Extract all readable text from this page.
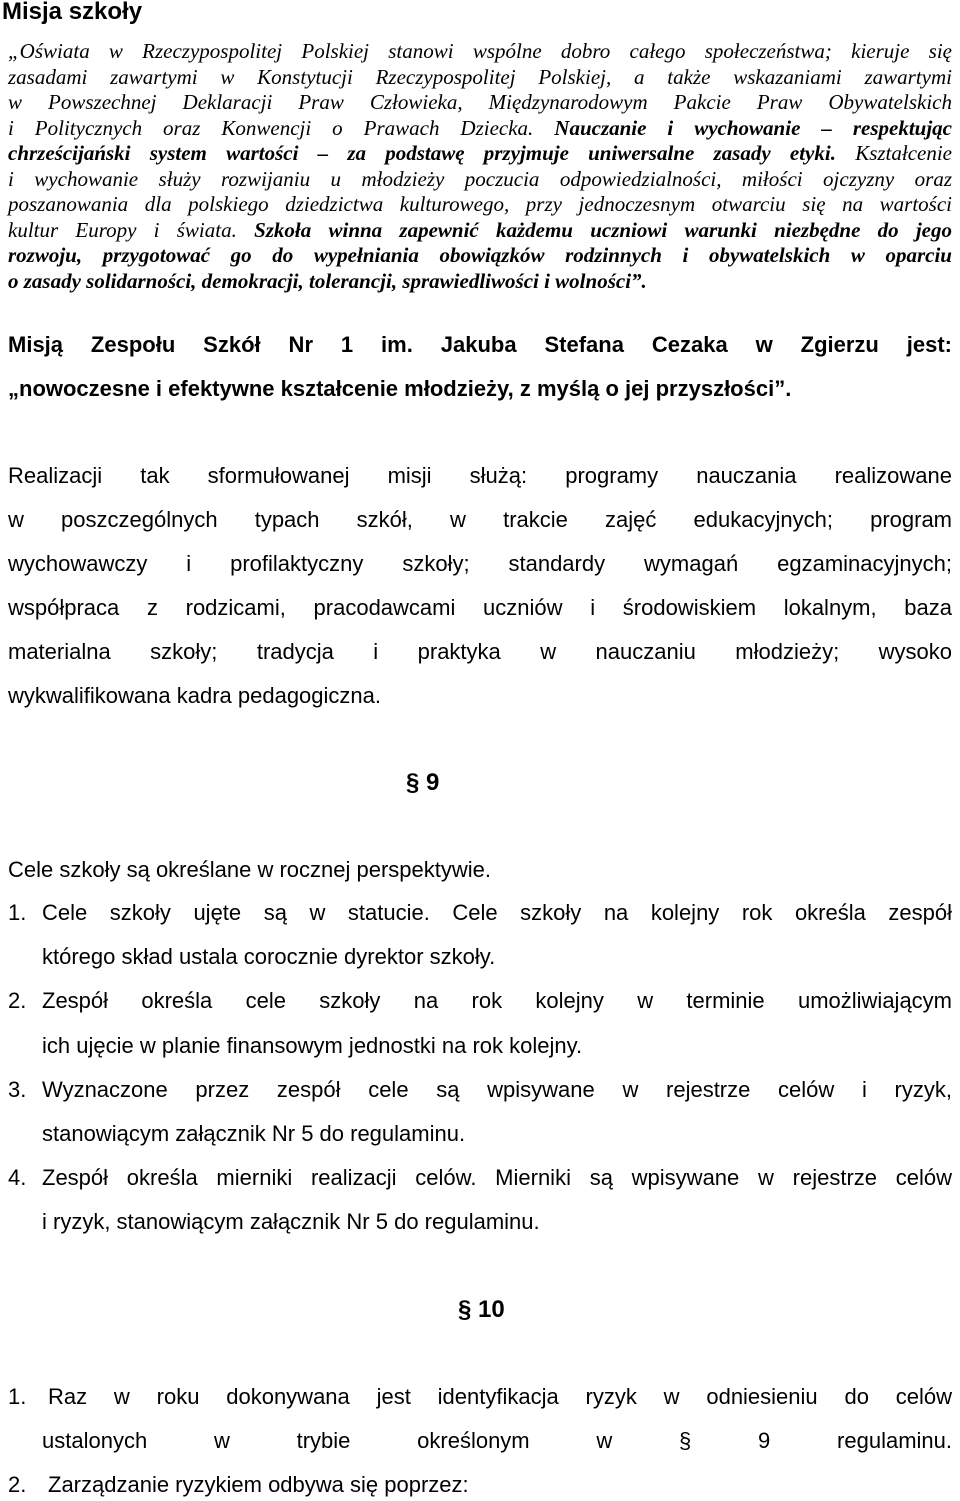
Misja szkoły
„Oświata w Rzeczypospolitej Polskiej stanowi wspólne dobro całego społeczeństwa; kieruje się
zasadami zawartymi w Konstytucji Rzeczypospolitej Polskiej, a także wskazaniami zawartymi
w Powszechnej Deklaracji Praw Człowieka, Międzynarodowym Pakcie Praw Obywatelskich
i Politycznych oraz Konwencji o Prawach Dziecka. Nauczanie i wychowanie – respektując
chrześcijański system wartości – za podstawę przyjmuje uniwersalne zasady etyki. Kształcenie
i wychowanie służy rozwijaniu u młodzieży poczucia odpowiedzialności, miłości ojczyzny oraz
poszanowania dla polskiego dziedzictwa kulturowego, przy jednoczesnym otwarciu się na wartości
kultur Europy i świata. Szkoła winna zapewnić każdemu uczniowi warunki niezbędne do jego
rozwoju, przygotować go do wypełniania obowiązków rodzinnych i obywatelskich w oparciu
o zasady solidarności, demokracji, tolerancji, sprawiedliwości i wolności”.
Misją Zespołu Szkół Nr 1 im. Jakuba Stefana Cezaka w Zgierzu jest:
„nowoczesne i efektywne kształcenie młodzieży, z myślą o jej przyszłości”.
Realizacji tak sformułowanej misji służą: programy nauczania realizowane
w poszczególnych typach szkół, w trakcie zajęć edukacyjnych; program
wychowawczy i profilaktyczny szkoły; standardy wymagań egzaminacyjnych;
współpraca z rodzicami, pracodawcami uczniów i środowiskiem lokalnym, baza
materialna szkoły; tradycja i praktyka w nauczaniu młodzieży; wysoko
wykwalifikowana kadra pedagogiczna.
§ 9
Cele szkoły są określane w rocznej perspektywie.
1. Cele szkoły ujęte są w statucie. Cele szkoły na kolejny rok określa zespół
którego skład ustala corocznie dyrektor szkoły.
2. Zespół określa cele szkoły na rok kolejny w terminie umożliwiającym
ich ujęcie w planie finansowym jednostki na rok kolejny.
3. Wyznaczone przez zespół cele są wpisywane w rejestrze celów i ryzyk,
stanowiącym załącznik Nr 5 do regulaminu.
4. Zespół określa mierniki realizacji celów. Mierniki są wpisywane w rejestrze celów
i ryzyk, stanowiącym załącznik Nr 5 do regulaminu.
§ 10
1. Raz w roku dokonywana jest identyfikacja ryzyk w odniesieniu do celów
ustalonych w trybie określonym w § 9 regulaminu.
2. Zarządzanie ryzykiem odbywa się poprzez:
